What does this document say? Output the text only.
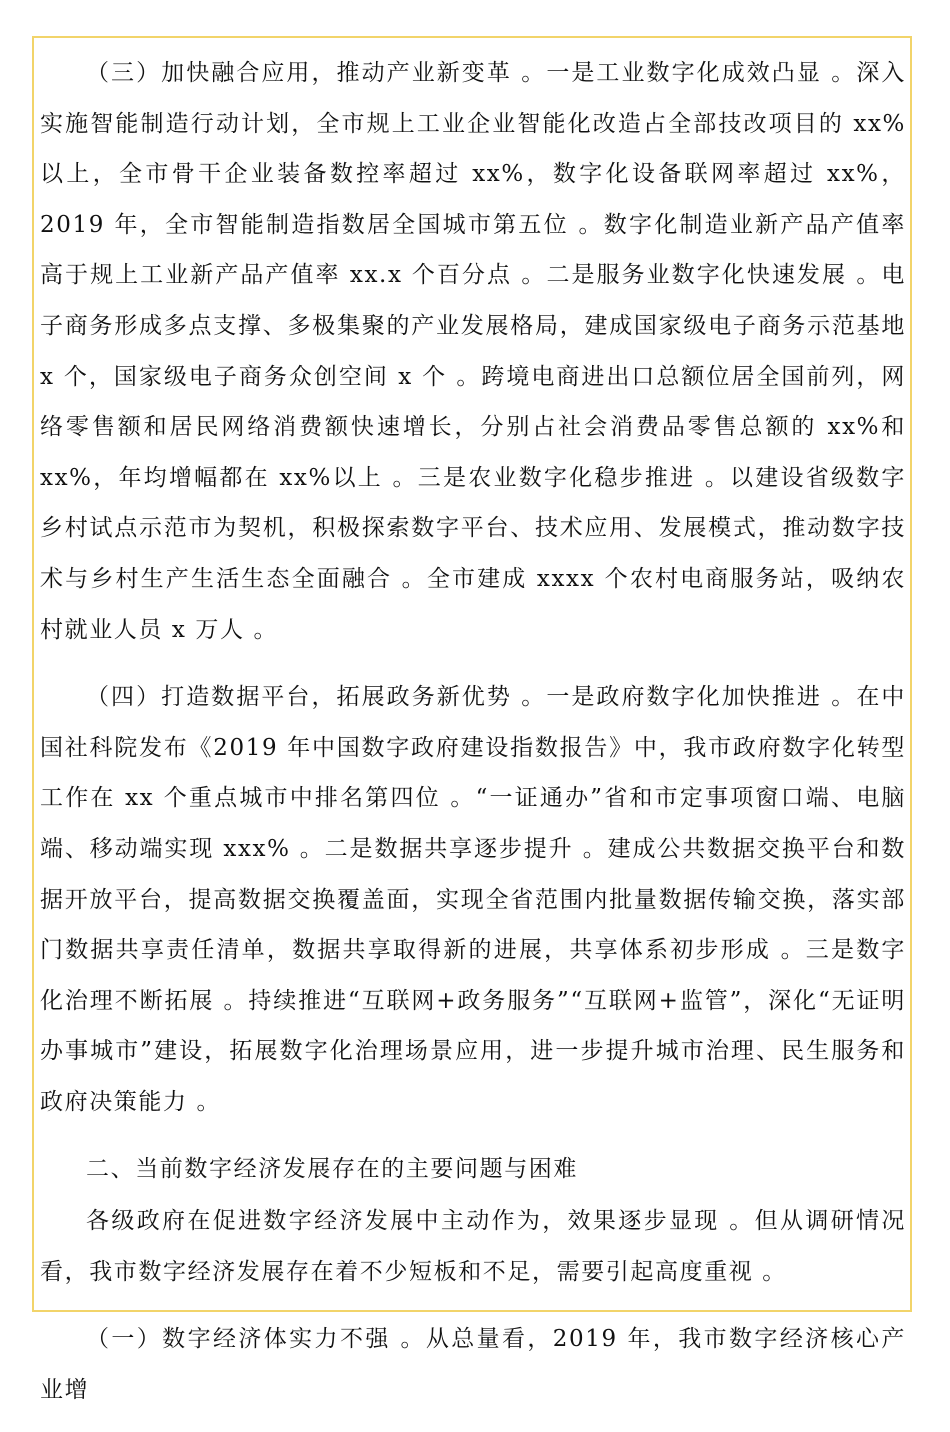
（三）加快融合应用，推动产业新变革 。一是工业数字化成效凸显 。深入实施智能制造行动计划，全市规上工业企业智能化改造占全部技改项目的 xx%以上，全市骨干企业装备数控率超过 xx%，数字化设备联网率超过 xx%，2019 年，全市智能制造指数居全国城市第五位 。数字化制造业新产品产值率高于规上工业新产品产值率 xx.x 个百分点 。二是服务业数字化快速发展 。电子商务形成多点支撑、多极集聚的产业发展格局，建成国家级电子商务示范基地 x 个，国家级电子商务众创空间 x 个 。跨境电商进出口总额位居全国前列，网络零售额和居民网络消费额快速增长，分别占社会消费品零售总额的 xx%和 xx%，年均增幅都在 xx%以上 。三是农业数字化稳步推进 。以建设省级数字乡村试点示范市为契机，积极探索数字平台、技术应用、发展模式，推动数字技术与乡村生产生活生态全面融合 。全市建成 xxxx 个农村电商服务站，吸纳农村就业人员 x 万人 。

（四）打造数据平台，拓展政务新优势 。一是政府数字化加快推进 。在中国社科院发布《2019 年中国数字政府建设指数报告》中，我市政府数字化转型工作在 xx 个重点城市中排名第四位 。“一证通办”省和市定事项窗口端、电脑端、移动端实现 xxx% 。二是数据共享逐步提升 。建成公共数据交换平台和数据开放平台，提高数据交换覆盖面，实现全省范围内批量数据传输交换，落实部门数据共享责任清单，数据共享取得新的进展，共享体系初步形成 。三是数字化治理不断拓展 。持续推进“互联网+政务服务”“互联网+监管”，深化“无证明办事城市”建设，拓展数字化治理场景应用，进一步提升城市治理、民生服务和政府决策能力 。

二、当前数字经济发展存在的主要问题与困难

各级政府在促进数字经济发展中主动作为，效果逐步显现 。但从调研情况看，我市数字经济发展存在着不少短板和不足，需要引起高度重视 。

（一）数字经济体实力不强 。从总量看，2019 年，我市数字经济核心产业增
